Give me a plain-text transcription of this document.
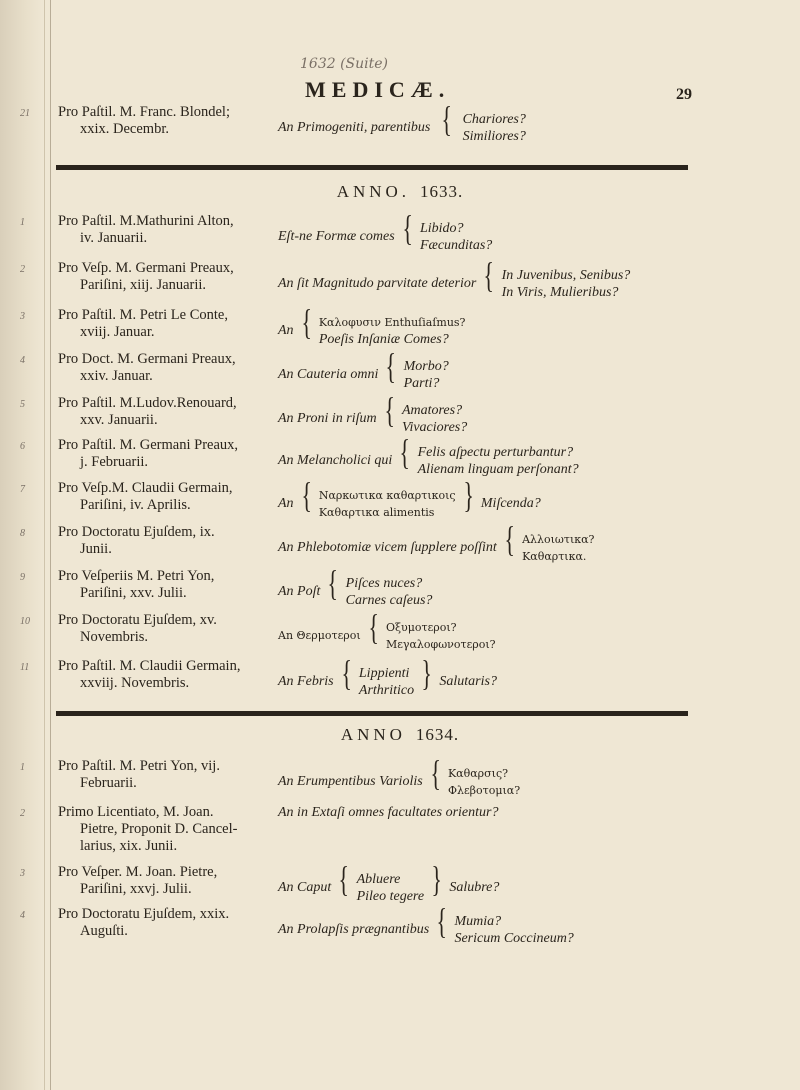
1632 (Suite)
MEDICÆ.	29
21 Pro Paſtil. M. Franc. Blondel;
xxix. Decembr.	An Primogeniti, parentibus { Chariores?
Similiores?
ANNO. 1633.
ANNO 1634.
1 Pro Paſtil. M.Mathurini Alton,
iv. Januarii.	Eſt-ne Formæ comes { Libido?
Fæcunditas?
2 Pro Veſp. M. Germani Preaux,
Pariſini, xiij. Januarii.	An ſit Magnitudo parvitate deterior { In Juvenibus, Senibus?
In Viris, Mulieribus?
3 Pro Paſtil. M. Petri Le Conte,
xviij. Januar.	An { Καλοφυσιν Enthuſiaſmus?
Poeſis Inſaniæ Comes?
4 Pro Doct. M. Germani Preaux,
xxiv. Januar.	An Cauteria omni { Morbo?
Parti?
5 Pro Paſtil. M.Ludov.Renouard,
xxv. Januarii.	An Proni in riſum { Amatores?
Vivaciores?
6 Pro Paſtil. M. Germani Preaux,
j. Februarii.	An Melancholici qui { Felis aſpectu perturbantur?
Alienam linguam perſonant?
7 Pro Veſp.M. Claudii Germain,
Pariſini, iv. Aprilis.	An { Ναρκωτικα καθαρτικοις
Καθαρτικα alimentis } Miſcenda?
8 Pro Doctoratu Ejuſdem, ix.
Junii.	An Phlebotomiæ vicem ſupplere poſſint { Αλλοιωτικα?
Καθαρτικα.
9 Pro Veſperiis M. Petri Yon,
Pariſini, xxv. Julii.	An Poſt { Piſces nuces?
Carnes caſeus?
10 Pro Doctoratu Ejuſdem, xv.
Novembris.	An Θερμοτεροι { Οξυμοτεροι?
Μεγαλοφωνοτεροι?
11 Pro Paſtil. M. Claudii Germain,
xxviij. Novembris.	An Febris { Lippienti
Arthritico } Salutaris?
1 Pro Paſtil. M. Petri Yon, vij.
Februarii.	An Erumpentibus Variolis { Καθαρσις?
Φλεβοτομια?
2 Primo Licentiato, M. Joan.
Pietre, Proponit D. Cancel-
larius, xix. Junii.
An in Extaſi omnes facultates orientur?
3 Pro Veſper. M. Joan. Pietre,
Pariſini, xxvj. Julii.	An Caput { Abluere
Pileo tegere } Salubre?
4 Pro Doctoratu Ejuſdem, xxix.
Auguſti.	An Prolapſis prægnantibus { Mumia?
Sericum Coccineum?
